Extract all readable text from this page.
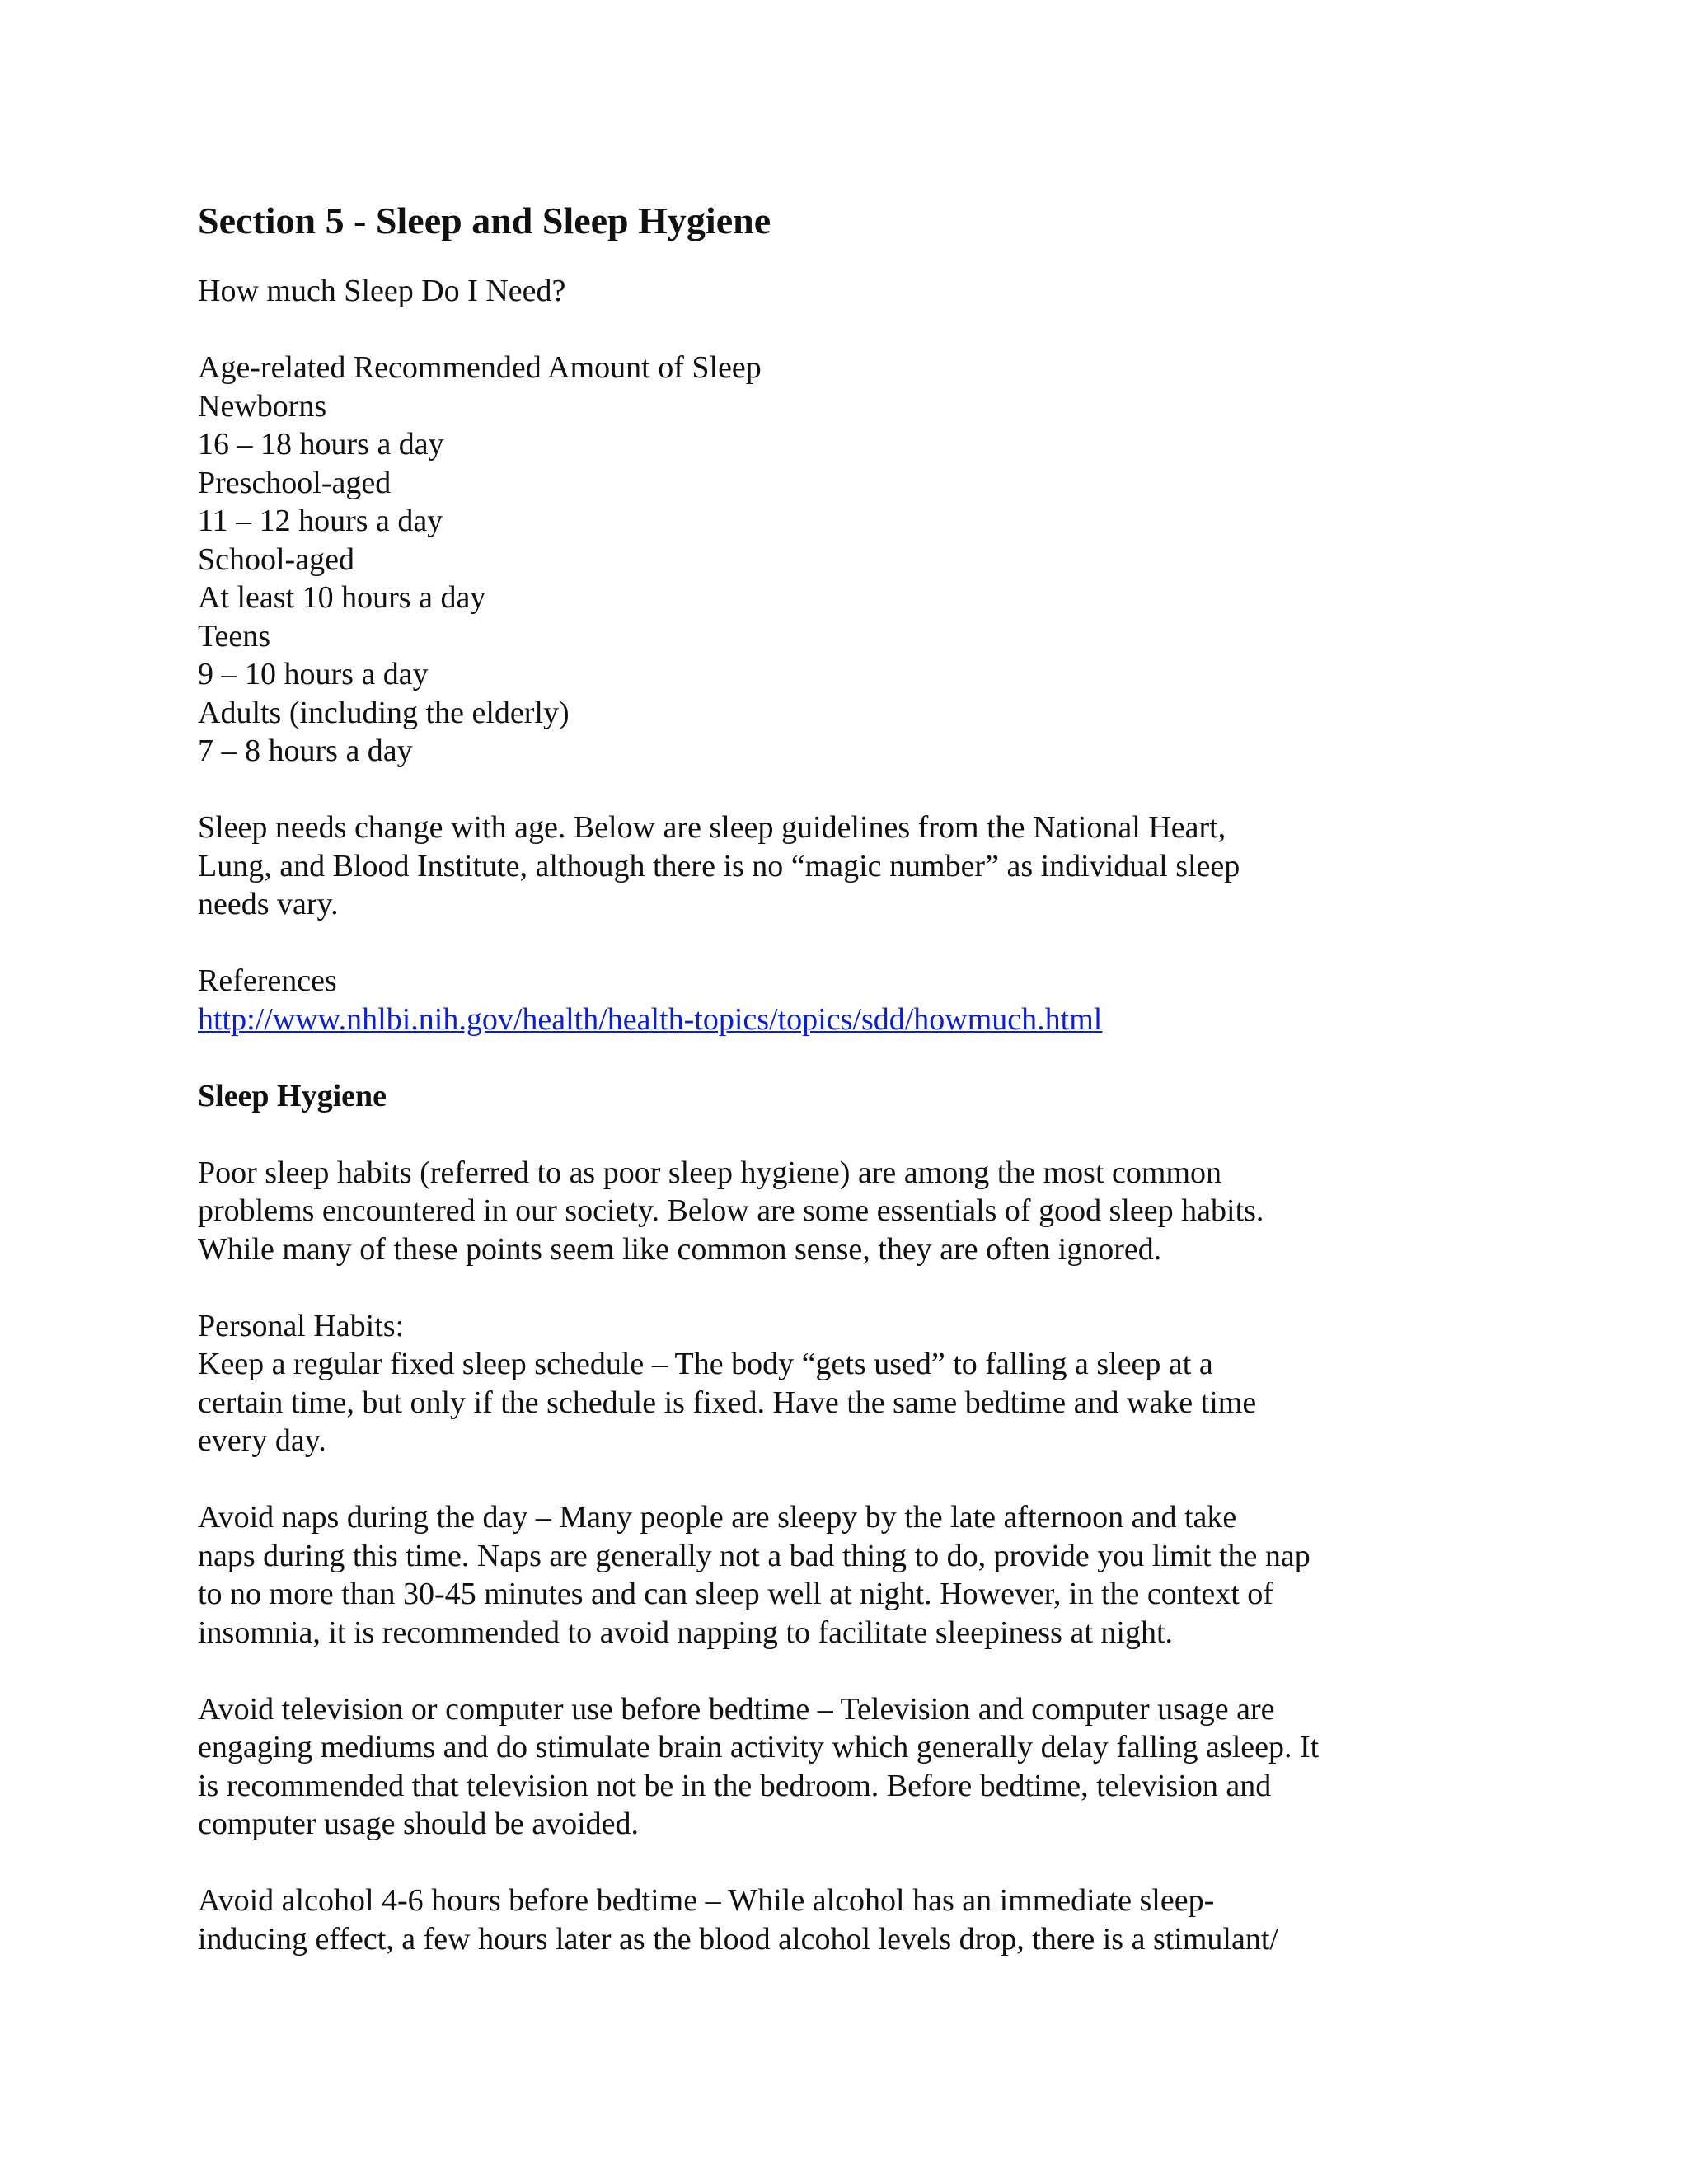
Section 5 - Sleep and Sleep Hygiene

How much Sleep Do I Need?

Age-related Recommended Amount of Sleep
Newborns
16 – 18 hours a day
Preschool-aged
11 – 12 hours a day
School-aged
At least 10 hours a day
Teens
9 – 10 hours a day
Adults (including the elderly)
7 – 8 hours a day

Sleep needs change with age. Below are sleep guidelines from the National Heart,
Lung, and Blood Institute, although there is no “magic number” as individual sleep
needs vary.

References
http://www.nhlbi.nih.gov/health/health-topics/topics/sdd/howmuch.html

Sleep Hygiene

Poor sleep habits (referred to as poor sleep hygiene) are among the most common
problems encountered in our society. Below are some essentials of good sleep habits.
While many of these points seem like common sense, they are often ignored.

Personal Habits:
Keep a regular fixed sleep schedule – The body “gets used” to falling a sleep at a
certain time, but only if the schedule is fixed. Have the same bedtime and wake time
every day.

Avoid naps during the day – Many people are sleepy by the late afternoon and take
naps during this time. Naps are generally not a bad thing to do, provide you limit the nap
to no more than 30-45 minutes and can sleep well at night. However, in the context of
insomnia, it is recommended to avoid napping to facilitate sleepiness at night.

Avoid television or computer use before bedtime – Television and computer usage are
engaging mediums and do stimulate brain activity which generally delay falling asleep. It
is recommended that television not be in the bedroom. Before bedtime, television and
computer usage should be avoided.

Avoid alcohol 4-6 hours before bedtime – While alcohol has an immediate sleep-
inducing effect, a few hours later as the blood alcohol levels drop, there is a stimulant/
